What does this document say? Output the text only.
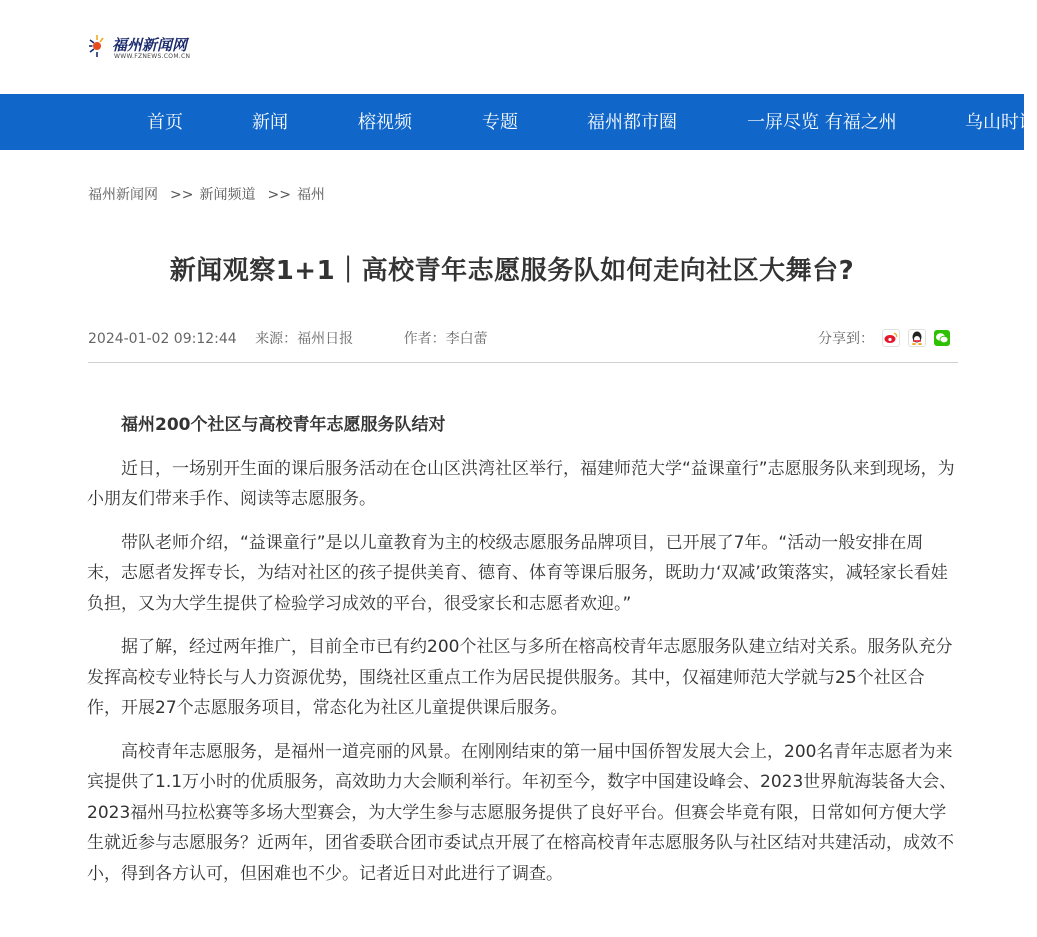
福州新闻网
WWW.FZNEWS.COM.CN
首页	新闻	榕视频	专题	福州都市圈	一屏尽览 有福之州	乌山时评
福州新闻网 >> 新闻频道 >> 福州
新闻观察1+1｜高校青年志愿服务队如何走向社区大舞台?
2024-01-02 09:12:44 来源：福州日报	作者：李白蕾	分享到：

福州200个社区与高校青年志愿服务队结对

近日，一场别开生面的课后服务活动在仓山区洪湾社区举行，福建师范大学“益课童行”志愿服务队来到现场，为小朋友们带来手作、阅读等志愿服务。

带队老师介绍，“益课童行”是以儿童教育为主的校级志愿服务品牌项目，已开展了7年。“活动一般安排在周末，志愿者发挥专长，为结对社区的孩子提供美育、德育、体育等课后服务，既助力‘双减’政策落实，减轻家长看娃负担，又为大学生提供了检验学习成效的平台，很受家长和志愿者欢迎。”

据了解，经过两年推广，目前全市已有约200个社区与多所在榕高校青年志愿服务队建立结对关系。服务队充分发挥高校专业特长与人力资源优势，围绕社区重点工作为居民提供服务。其中，仅福建师范大学就与25个社区合作，开展27个志愿服务项目，常态化为社区儿童提供课后服务。

高校青年志愿服务，是福州一道亮丽的风景。在刚刚结束的第一届中国侨智发展大会上，200名青年志愿者为来宾提供了1.1万小时的优质服务，高效助力大会顺利举行。年初至今，数字中国建设峰会、2023世界航海装备大会、2023福州马拉松赛等多场大型赛会，为大学生参与志愿服务提供了良好平台。但赛会毕竟有限，日常如何方便大学生就近参与志愿服务？近两年，团省委联合团市委试点开展了在榕高校青年志愿服务队与社区结对共建活动，成效不小，得到各方认可，但困难也不少。记者近日对此进行了调查。
